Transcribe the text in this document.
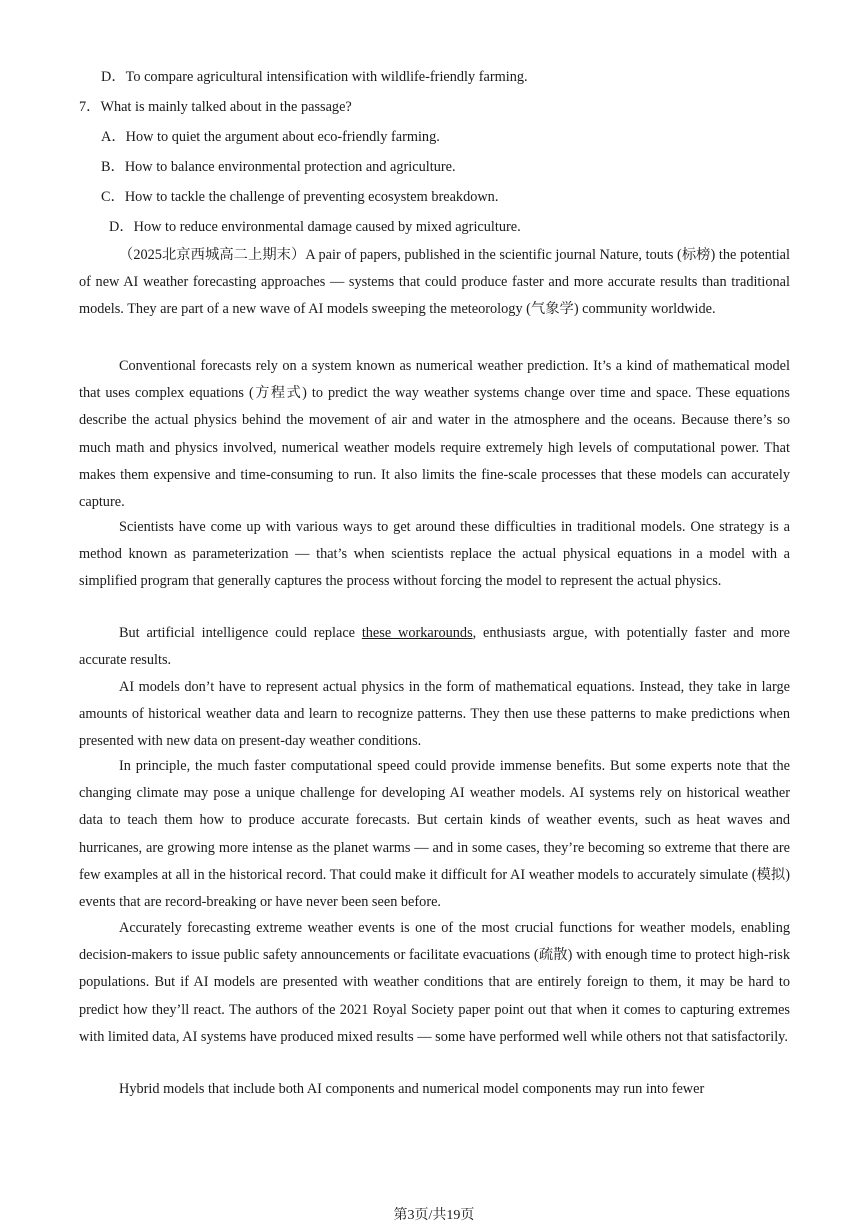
D．To compare agricultural intensification with wildlife-friendly farming.
7．What is mainly talked about in the passage?
A．How to quiet the argument about eco-friendly farming.
B．How to balance environmental protection and agriculture.
C．How to tackle the challenge of preventing ecosystem breakdown.
D．How to reduce environmental damage caused by mixed agriculture.

（2025北京西城高二上期末）A pair of papers, published in the scientific journal Nature, touts (标榜) the potential of new AI weather forecasting approaches — systems that could produce faster and more accurate results than traditional models. They are part of a new wave of AI models sweeping the meteorology (气象学) community worldwide.

Conventional forecasts rely on a system known as numerical weather prediction. It’s a kind of mathematical model that uses complex equations (方程式) to predict the way weather systems change over time and space. These equations describe the actual physics behind the movement of air and water in the atmosphere and the oceans. Because there’s so much math and physics involved, numerical weather models require extremely high levels of computational power. That makes them expensive and time-consuming to run. It also limits the fine-scale processes that these models can accurately capture.

Scientists have come up with various ways to get around these difficulties in traditional models. One strategy is a method known as parameterization — that’s when scientists replace the actual physical equations in a model with a simplified program that generally captures the process without forcing the model to represent the actual physics.

But artificial intelligence could replace these workarounds, enthusiasts argue, with potentially faster and more accurate results.

AI models don’t have to represent actual physics in the form of mathematical equations. Instead, they take in large amounts of historical weather data and learn to recognize patterns. They then use these patterns to make predictions when presented with new data on present-day weather conditions.

In principle, the much faster computational speed could provide immense benefits. But some experts note that the changing climate may pose a unique challenge for developing AI weather models. AI systems rely on historical weather data to teach them how to produce accurate forecasts. But certain kinds of weather events, such as heat waves and hurricanes, are growing more intense as the planet warms — and in some cases, they’re becoming so extreme that there are few examples at all in the historical record. That could make it difficult for AI weather models to accurately simulate (模拟) events that are record-breaking or have never been seen before.

Accurately forecasting extreme weather events is one of the most crucial functions for weather models, enabling decision-makers to issue public safety announcements or facilitate evacuations (疏散) with enough time to protect high-risk populations. But if AI models are presented with weather conditions that are entirely foreign to them, it may be hard to predict how they’ll react. The authors of the 2021 Royal Society paper point out that when it comes to capturing extremes with limited data, AI systems have produced mixed results — some have performed well while others not that satisfactorily.

Hybrid models that include both AI components and numerical model components may run into fewer

第3页/共19页
